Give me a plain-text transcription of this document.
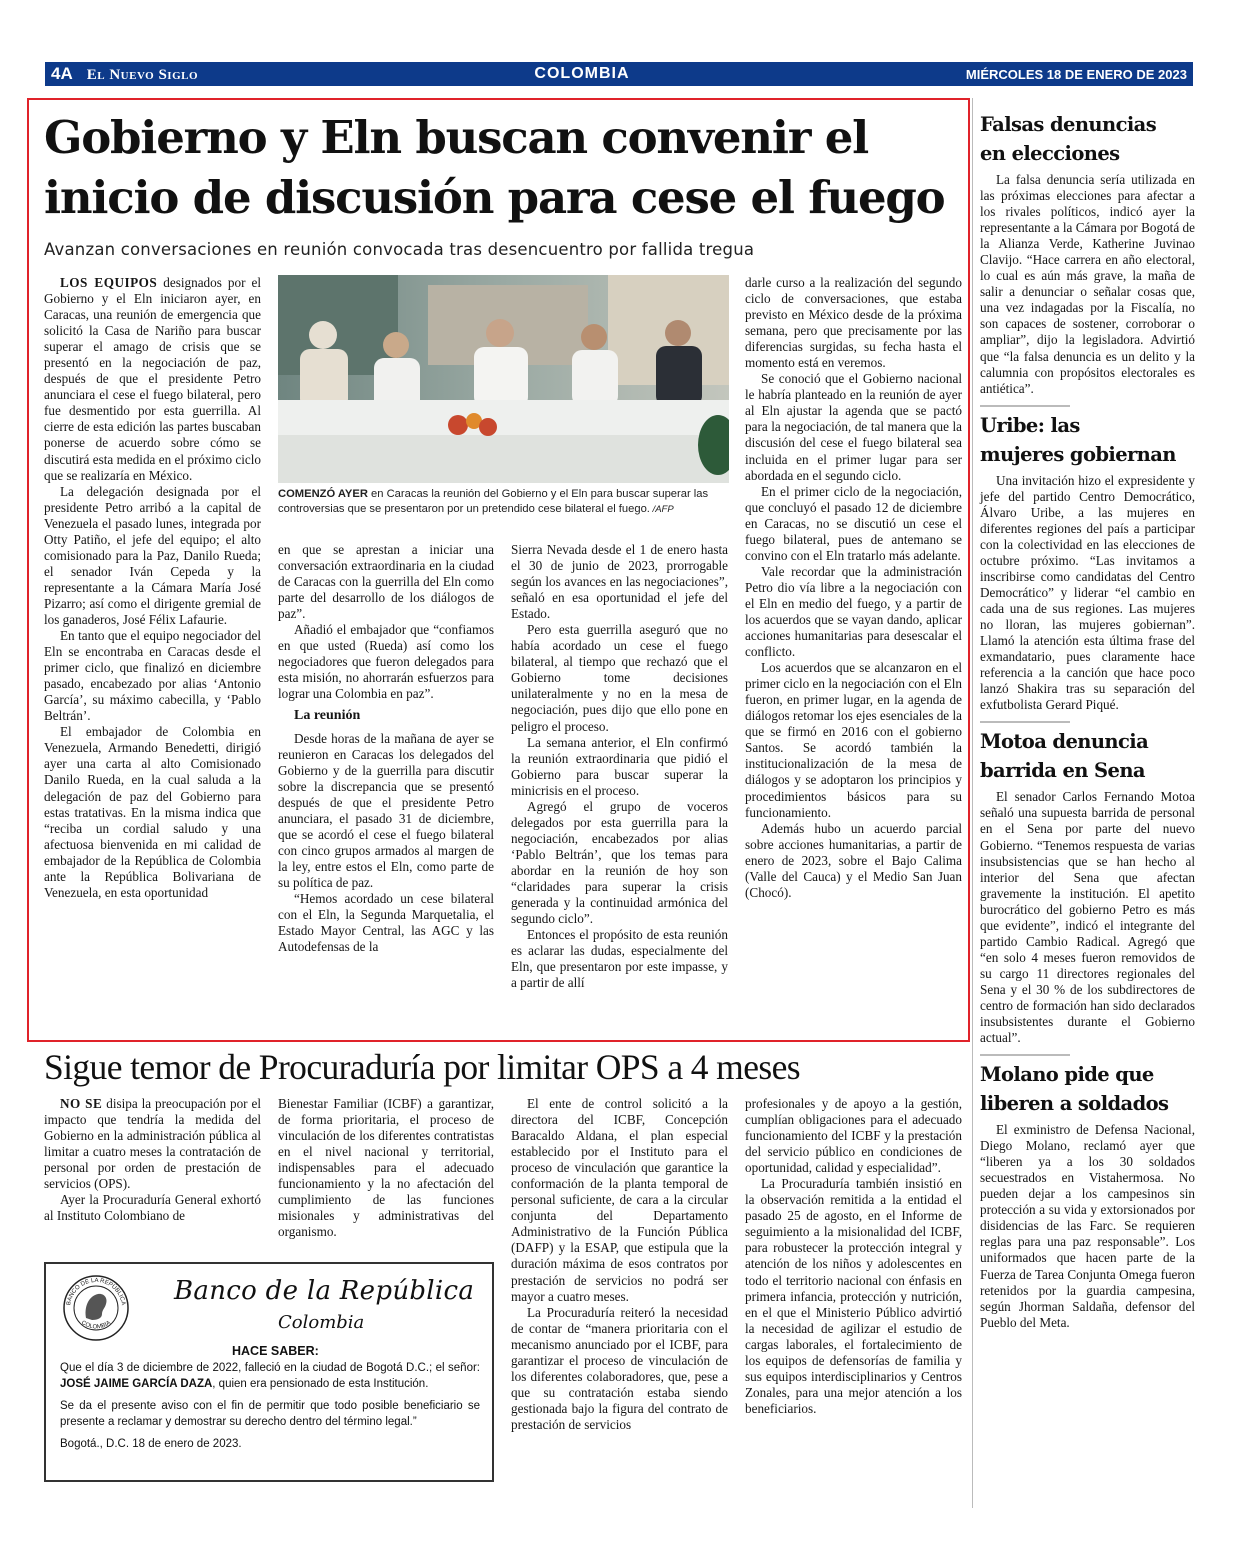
4A El Nuevo Siglo	COLOMBIA	MIÉRCOLES 18 DE ENERO DE 2023
Gobierno y Eln buscan convenir el
inicio de discusión para cese el fuego
Avanzan conversaciones en reunión convocada tras desencuentro por fallida tregua

LOS EQUIPOS designados por el Gobierno y el Eln iniciaron ayer, en Caracas, una reunión de emergencia que solicitó la Casa de Nariño para buscar superar el amago de crisis que se presentó en la negociación de paz, después de que el presidente Petro anunciara el cese el fuego bilateral, pero fue desmentido por esta guerrilla. Al cierre de esta edición las partes buscaban ponerse de acuerdo sobre cómo se discutirá esta medida en el próximo ciclo que se realizaría en México.

La delegación designada por el presidente Petro arribó a la capital de Venezuela el pasado lunes, integrada por Otty Patiño, el jefe del equipo; el alto comisionado para la Paz, Danilo Rueda; el senador Iván Cepeda y la representante a la Cámara María José Pizarro; así como el dirigente gremial de los ganaderos, José Félix Lafaurie.

En tanto que el equipo negociador del Eln se encontraba en Caracas desde el primer ciclo, que finalizó en diciembre pasado, encabezado por alias ‘Antonio García’, su máximo cabecilla, y ‘Pablo Beltrán’.

El embajador de Colombia en Venezuela, Armando Benedetti, dirigió ayer una carta al alto Comisionado Danilo Rueda, en la cual saluda a la delegación de paz del Gobierno para estas tratativas. En la misma indica que “reciba un cordial saludo y una afectuosa bienvenida en mi calidad de embajador de la República de Colombia ante la República Bolivariana de Venezuela, en esta oportunidad

COMENZÓ AYER en Caracas la reunión del Gobierno y el Eln para buscar superar las controversias que se presentaron por un pretendido cese bilateral el fuego. /AFP

en que se aprestan a iniciar una conversación extraordinaria en la ciudad de Caracas con la guerrilla del Eln como parte del desarrollo de los diálogos de paz”.

Añadió el embajador que “confiamos en que usted (Rueda) así como los negociadores que fueron delegados para esta misión, no ahorrarán esfuerzos para lograr una Colombia en paz”.

La reunión

Desde horas de la mañana de ayer se reunieron en Caracas los delegados del Gobierno y de la guerrilla para discutir sobre la discrepancia que se presentó después de que el presidente Petro anunciara, el pasado 31 de diciembre, que se acordó el cese el fuego bilateral con cinco grupos armados al margen de la ley, entre estos el Eln, como parte de su política de paz.

“Hemos acordado un cese bilateral con el Eln, la Segunda Marquetalia, el Estado Mayor Central, las AGC y las Autodefensas de la

Sierra Nevada desde el 1 de enero hasta el 30 de junio de 2023, prorrogable según los avances en las negociaciones”, señaló en esa oportunidad el jefe del Estado.

Pero esta guerrilla aseguró que no había acordado un cese el fuego bilateral, al tiempo que rechazó que el Gobierno tome decisiones unilateralmente y no en la mesa de negociación, pues dijo que ello pone en peligro el proceso.

La semana anterior, el Eln confirmó la reunión extraordinaria que pidió el Gobierno para buscar superar la minicrisis en el proceso.

Agregó el grupo de voceros delegados por esta guerrilla para la negociación, encabezados por alias ‘Pablo Beltrán’, que los temas para abordar en la reunión de hoy son “claridades para superar la crisis generada y la continuidad armónica del segundo ciclo”.

Entonces el propósito de esta reunión es aclarar las dudas, especialmente del Eln, que presentaron por este impasse, y a partir de allí

darle curso a la realización del segundo ciclo de conversaciones, que estaba previsto en México desde de la próxima semana, pero que precisamente por las diferencias surgidas, su fecha hasta el momento está en veremos.

Se conoció que el Gobierno nacional le habría planteado en la reunión de ayer al Eln ajustar la agenda que se pactó para la negociación, de tal manera que la discusión del cese el fuego bilateral sea incluida en el primer lugar para ser abordada en el segundo ciclo.

En el primer ciclo de la negociación, que concluyó el pasado 12 de diciembre en Caracas, no se discutió un cese el fuego bilateral, pues de antemano se convino con el Eln tratarlo más adelante.

Vale recordar que la administración Petro dio vía libre a la negociación con el Eln en medio del fuego, y a partir de los acuerdos que se vayan dando, aplicar acciones humanitarias para desescalar el conflicto.

Los acuerdos que se alcanzaron en el primer ciclo en la negociación con el Eln fueron, en primer lugar, en la agenda de diálogos retomar los ejes esenciales de la que se firmó en 2016 con el gobierno Santos. Se acordó también la institucionalización de la mesa de diálogos y se adoptaron los principios y procedimientos básicos para su funcionamiento.

Además hubo un acuerdo parcial sobre acciones humanitarias, a partir de enero de 2023, sobre el Bajo Calima (Valle del Cauca) y el Medio San Juan (Chocó).

Falsas denuncias
en elecciones

La falsa denuncia sería utilizada en las próximas elecciones para afectar a los rivales políticos, indicó ayer la representante a la Cámara por Bogotá de la Alianza Verde, Katherine Juvinao Clavijo. “Hace carrera en año electoral, lo cual es aún más grave, la maña de salir a denunciar o señalar cosas que, una vez indagadas por la Fiscalía, no son capaces de sostener, corroborar o ampliar”, dijo la legisladora. Advirtió que “la falsa denuncia es un delito y la calumnia con propósitos electorales es antiética”.

Uribe: las
mujeres gobiernan

Una invitación hizo el expresidente y jefe del partido Centro Democrático, Álvaro Uribe, a las mujeres en diferentes regiones del país a participar con la colectividad en las elecciones de octubre próximo. “Las invitamos a inscribirse como candidatas del Centro Democrático” y liderar “el cambio en cada una de sus regiones. Las mujeres no lloran, las mujeres gobiernan”. Llamó la atención esta última frase del exmandatario, pues claramente hace referencia a la canción que hace poco lanzó Shakira tras su separación del exfutbolista Gerard Piqué.

Motoa denuncia
barrida en Sena

El senador Carlos Fernando Motoa señaló una supuesta barrida de personal en el Sena por parte del nuevo Gobierno. “Tenemos respuesta de varias insubsistencias que se han hecho al interior del Sena que afectan gravemente la institución. El apetito burocrático del gobierno Petro es más que evidente”, indicó el integrante del partido Cambio Radical. Agregó que “en solo 4 meses fueron removidos de su cargo 11 directores regionales del Sena y el 30 % de los subdirectores de centro de formación han sido declarados insubsistentes durante el Gobierno actual”.

Molano pide que
liberen a soldados

El exministro de Defensa Nacional, Diego Molano, reclamó ayer que “liberen ya a los 30 soldados secuestrados en Vistahermosa. No pueden dejar a los campesinos sin protección a su vida y extorsionados por disidencias de las Farc. Se requieren reglas para una paz responsable”. Los uniformados que hacen parte de la Fuerza de Tarea Conjunta Omega fueron retenidos por la guardia campesina, según Jhorman Saldaña, defensor del Pueblo del Meta.

Sigue temor de Procuraduría por limitar OPS a 4 meses

NO SE disipa la preocupación por el impacto que tendría la medida del Gobierno en la administración pública al limitar a cuatro meses la contratación de personal por orden de prestación de servicios (OPS).

Ayer la Procuraduría General exhortó al Instituto Colombiano de

Bienestar Familiar (ICBF) a garantizar, de forma prioritaria, el proceso de vinculación de los diferentes contratistas en el nivel nacional y territorial, indispensables para el adecuado funcionamiento y la no afectación del cumplimiento de las funciones misionales y administrativas del organismo.

El ente de control solicitó a la directora del ICBF, Concepción Baracaldo Aldana, el plan especial establecido por el Instituto para el proceso de vinculación que garantice la conformación de la planta temporal de personal suficiente, de cara a la circular conjunta del Departamento Administrativo de la Función Pública (DAFP) y la ESAP, que estipula que la duración máxima de esos contratos por prestación de servicios no podrá ser mayor a cuatro meses.

La Procuraduría reiteró la necesidad de contar de “manera prioritaria con el mecanismo anunciado por el ICBF, para garantizar el proceso de vinculación de los diferentes colaboradores, que, pese a que su contratación estaba siendo gestionada bajo la figura del contrato de prestación de servicios

profesionales y de apoyo a la gestión, cumplían obligaciones para el adecuado funcionamiento del ICBF y la prestación del servicio público en condiciones de oportunidad, calidad y especialidad”.

La Procuraduría también insistió en la observación remitida a la entidad el pasado 25 de agosto, en el Informe de seguimiento a la misionalidad del ICBF, para robustecer la protección integral y atención de los niños y adolescentes en todo el territorio nacional con énfasis en primera infancia, protección y nutrición, en el que el Ministerio Público advirtió la necesidad de agilizar el estudio de cargas laborales, el fortalecimiento de los equipos de defensorías de familia y sus equipos interdisciplinarios y Centros Zonales, para una mejor atención a los beneficiarios.

BANCO DE LA REPÚBLICA
COLOMBIA
Banco de la República
Colombia
HACE SABER:

Que el día 3 de diciembre de 2022, falleció en la ciudad de Bogotá D.C.; el señor: JOSÉ JAIME GARCÍA DAZA, quien era pensionado de esta Institución.

Se da el presente aviso con el fin de permitir que todo posible beneficiario se presente a reclamar y demostrar su derecho dentro del término legal.”

Bogotá., D.C. 18 de enero de 2023.
